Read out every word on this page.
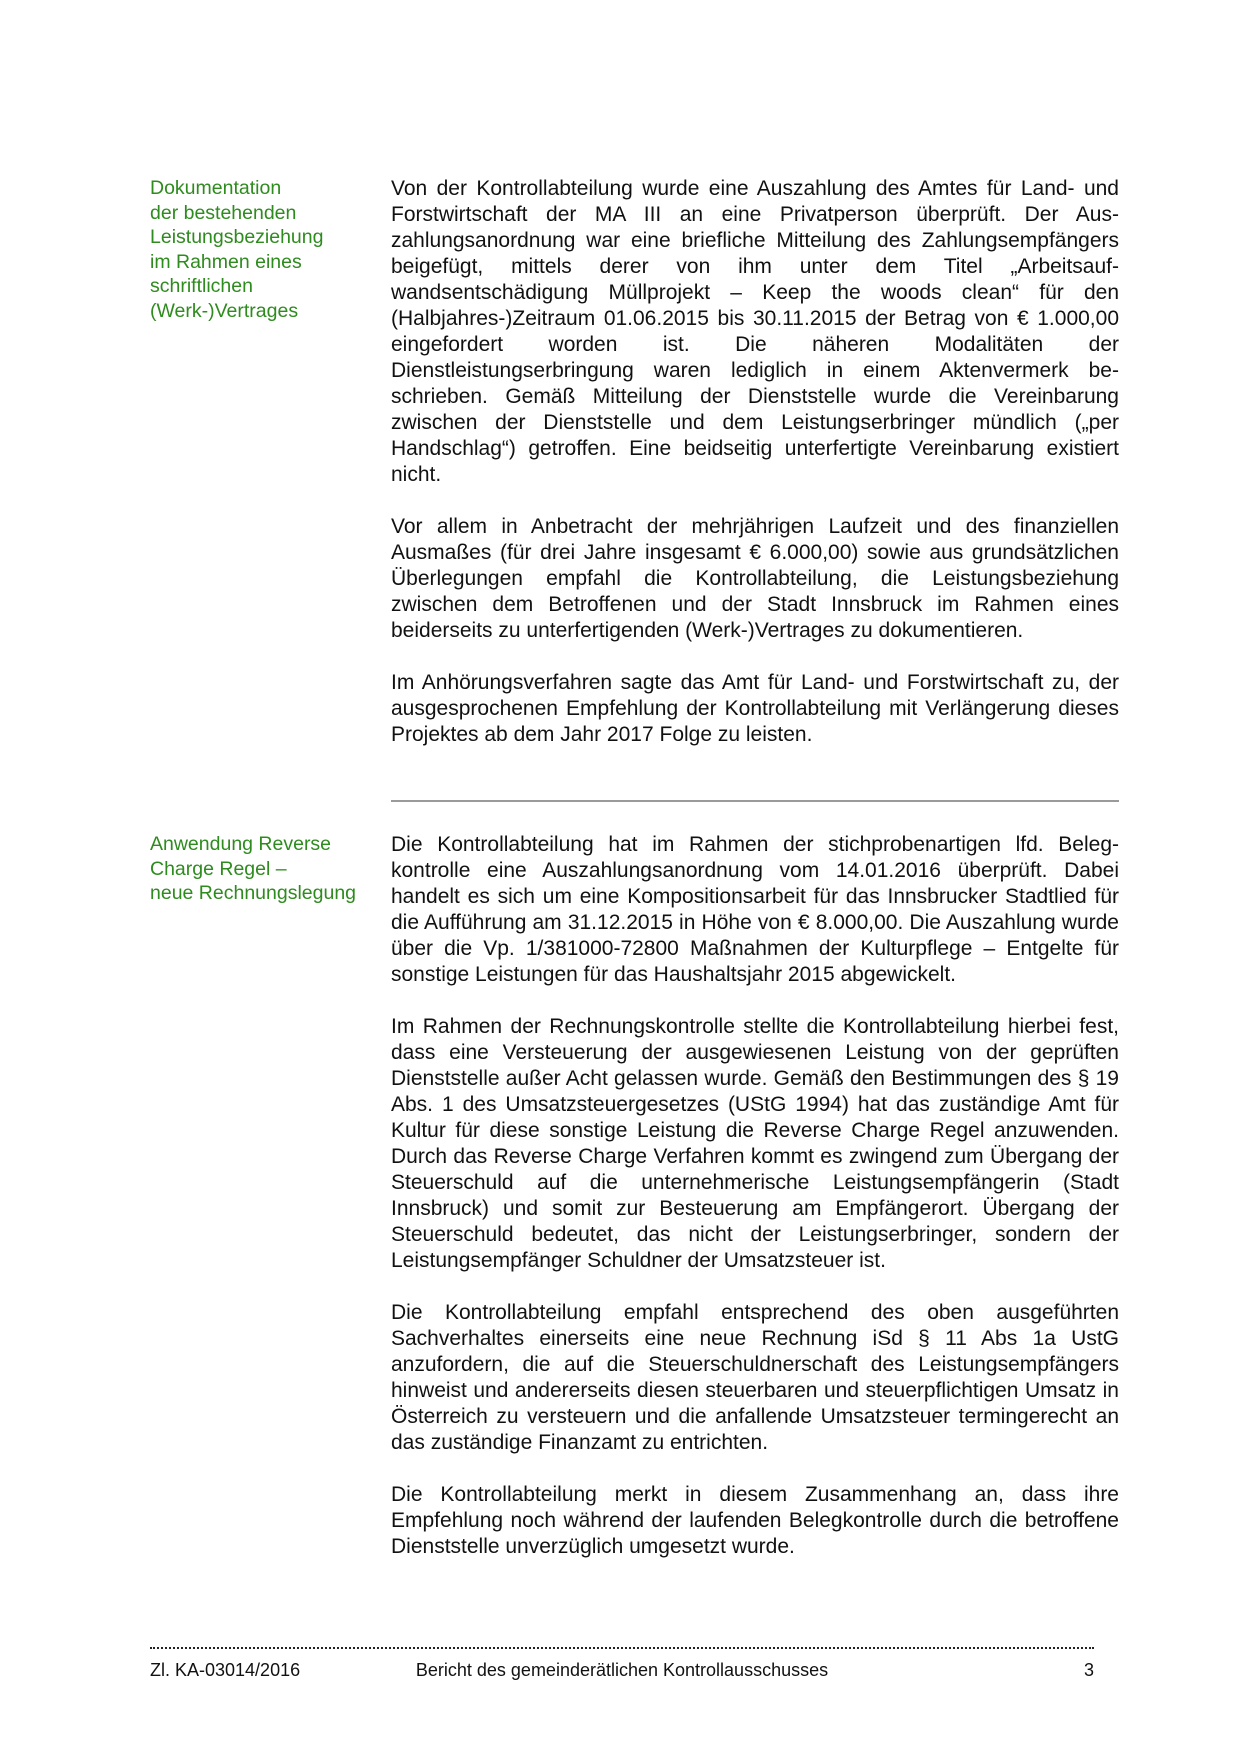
Dokumentation
der bestehenden
Leistungsbeziehung
im Rahmen eines
schriftlichen
(Werk-)Vertrages

Von der Kontrollabteilung wurde eine Auszahlung des Amtes für Land- und Forstwirtschaft der MA III an eine Privatperson überprüft. Der Auszahlungsanordnung war eine briefliche Mitteilung des Zahlungsempfängers beigefügt, mittels derer von ihm unter dem Titel „Arbeitsaufwandsentschädigung Müllprojekt – Keep the woods clean“ für den (Halbjahres-)Zeitraum 01.06.2015 bis 30.11.2015 der Betrag von € 1.000,00 eingefordert worden ist. Die näheren Modalitäten der Dienstleistungserbringung waren lediglich in einem Aktenvermerk beschrieben. Gemäß Mitteilung der Dienststelle wurde die Vereinbarung zwischen der Dienststelle und dem Leistungserbringer mündlich („per Handschlag“) getroffen. Eine beidseitig unterfertigte Vereinbarung existiert nicht.

Vor allem in Anbetracht der mehrjährigen Laufzeit und des finanziellen Ausmaßes (für drei Jahre insgesamt € 6.000,00) sowie aus grundsätzlichen Überlegungen empfahl die Kontrollabteilung, die Leistungsbeziehung zwischen dem Betroffenen und der Stadt Innsbruck im Rahmen eines beiderseits zu unterfertigenden (Werk-)Vertrages zu dokumentieren.

Im Anhörungsverfahren sagte das Amt für Land- und Forstwirtschaft zu, der ausgesprochenen Empfehlung der Kontrollabteilung mit Verlängerung dieses Projektes ab dem Jahr 2017 Folge zu leisten.

Anwendung Reverse
Charge Regel –
neue Rechnungslegung

Die Kontrollabteilung hat im Rahmen der stichprobenartigen lfd. Belegkontrolle eine Auszahlungsanordnung vom 14.01.2016 überprüft. Dabei handelt es sich um eine Kompositionsarbeit für das Innsbrucker Stadtlied für die Aufführung am 31.12.2015 in Höhe von € 8.000,00. Die Auszahlung wurde über die Vp. 1/381000-72800 Maßnahmen der Kulturpflege – Entgelte für sonstige Leistungen für das Haushaltsjahr 2015 abgewickelt.

Im Rahmen der Rechnungskontrolle stellte die Kontrollabteilung hierbei fest, dass eine Versteuerung der ausgewiesenen Leistung von der geprüften Dienststelle außer Acht gelassen wurde. Gemäß den Bestimmungen des § 19 Abs. 1 des Umsatzsteuergesetzes (UStG 1994) hat das zuständige Amt für Kultur für diese sonstige Leistung die Reverse Charge Regel anzuwenden. Durch das Reverse Charge Verfahren kommt es zwingend zum Übergang der Steuerschuld auf die unternehmerische Leistungsempfängerin (Stadt Innsbruck) und somit zur Besteuerung am Empfängerort. Übergang der Steuerschuld bedeutet, das nicht der Leistungserbringer, sondern der Leistungsempfänger Schuldner der Umsatzsteuer ist.

Die Kontrollabteilung empfahl entsprechend des oben ausgeführten Sachverhaltes einerseits eine neue Rechnung iSd § 11 Abs 1a UstG anzufordern, die auf die Steuerschuldnerschaft des Leistungsempfängers hinweist und andererseits diesen steuerbaren und steuerpflichtigen Umsatz in Österreich zu versteuern und die anfallende Umsatzsteuer termingerecht an das zuständige Finanzamt zu entrichten.

Die Kontrollabteilung merkt in diesem Zusammenhang an, dass ihre Empfehlung noch während der laufenden Belegkontrolle durch die betroffene Dienststelle unverzüglich umgesetzt wurde.

Zl. KA-03014/2016	Bericht des gemeinderätlichen Kontrollausschusses	3
